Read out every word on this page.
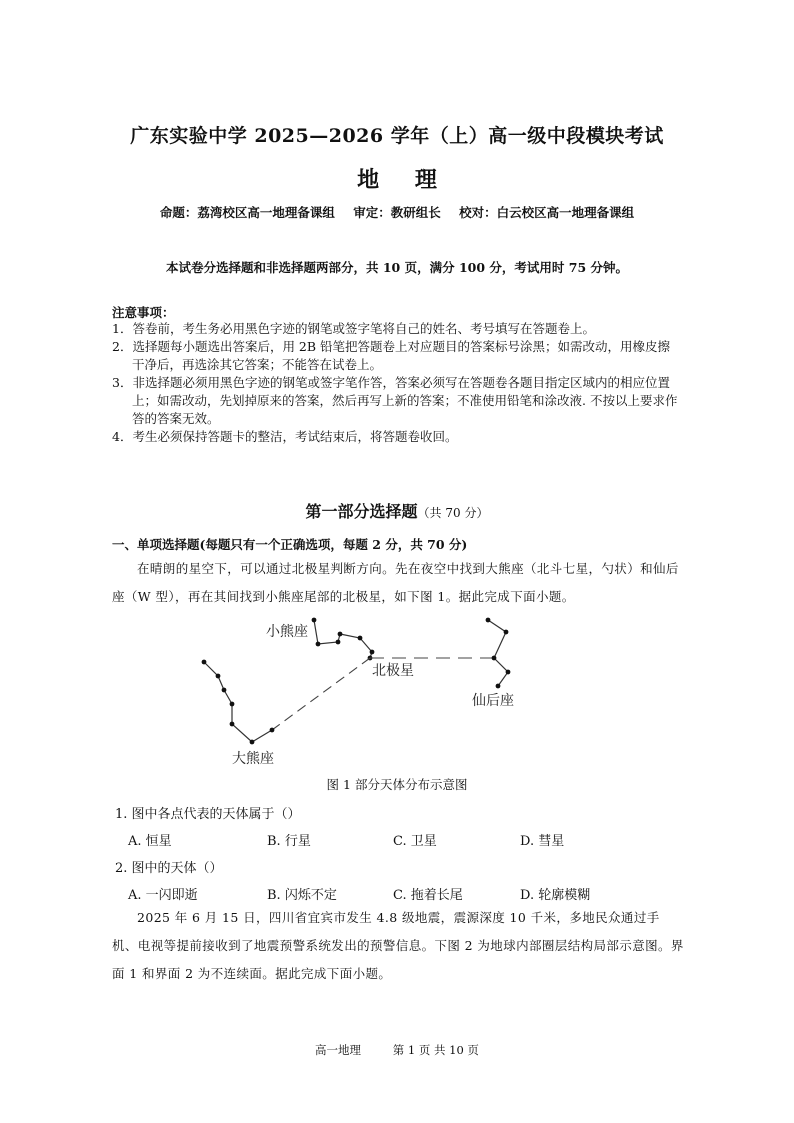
广东实验中学 2025—2026 学年（上）高一级中段模块考试
地 理
命题：荔湾校区高一地理备课组 审定：教研组长 校对：白云校区高一地理备课组
本试卷分选择题和非选择题两部分，共 10 页，满分 100 分，考试用时 75 分钟。
注意事项：
1．答卷前，考生务必用黑色字迹的钢笔或签字笔将自己的姓名、考号填写在答题卷上。
2．选择题每小题选出答案后，用 2B 铅笔把答题卷上对应题目的答案标号涂黑；如需改动，用橡皮擦干净后，再选涂其它答案；不能答在试卷上。
3．非选择题必须用黑色字迹的钢笔或签字笔作答，答案必须写在答题卷各题目指定区域内的相应位置上；如需改动，先划掉原来的答案，然后再写上新的答案；不准使用铅笔和涂改液. 不按以上要求作答的答案无效。
4．考生必须保持答题卡的整洁，考试结束后，将答题卷收回。
第一部分选择题（共 70 分）
一、单项选择题(每题只有一个正确选项，每题 2 分，共 70 分)
在晴朗的星空下，可以通过北极星判断方向。先在夜空中找到大熊座（北斗七星，勺状）和仙后座（W 型），再在其间找到小熊座尾部的北极星，如下图 1。据此完成下面小题。
小熊座
北极星
仙后座
大熊座
图 1 部分天体分布示意图
1. 图中各点代表的天体属于（）
A. 恒星	B. 行星	C. 卫星	D. 彗星
2. 图中的天体（）
A. 一闪即逝	B. 闪烁不定	C. 拖着长尾	D. 轮廓模糊
2025 年 6 月 15 日，四川省宜宾市发生 4.8 级地震，震源深度 10 千米，多地民众通过手机、电视等提前接收到了地震预警系统发出的预警信息。下图 2 为地球内部圈层结构局部示意图。界面 1 和界面 2 为不连续面。据此完成下面小题。
高一地理	第 1 页 共 10 页
